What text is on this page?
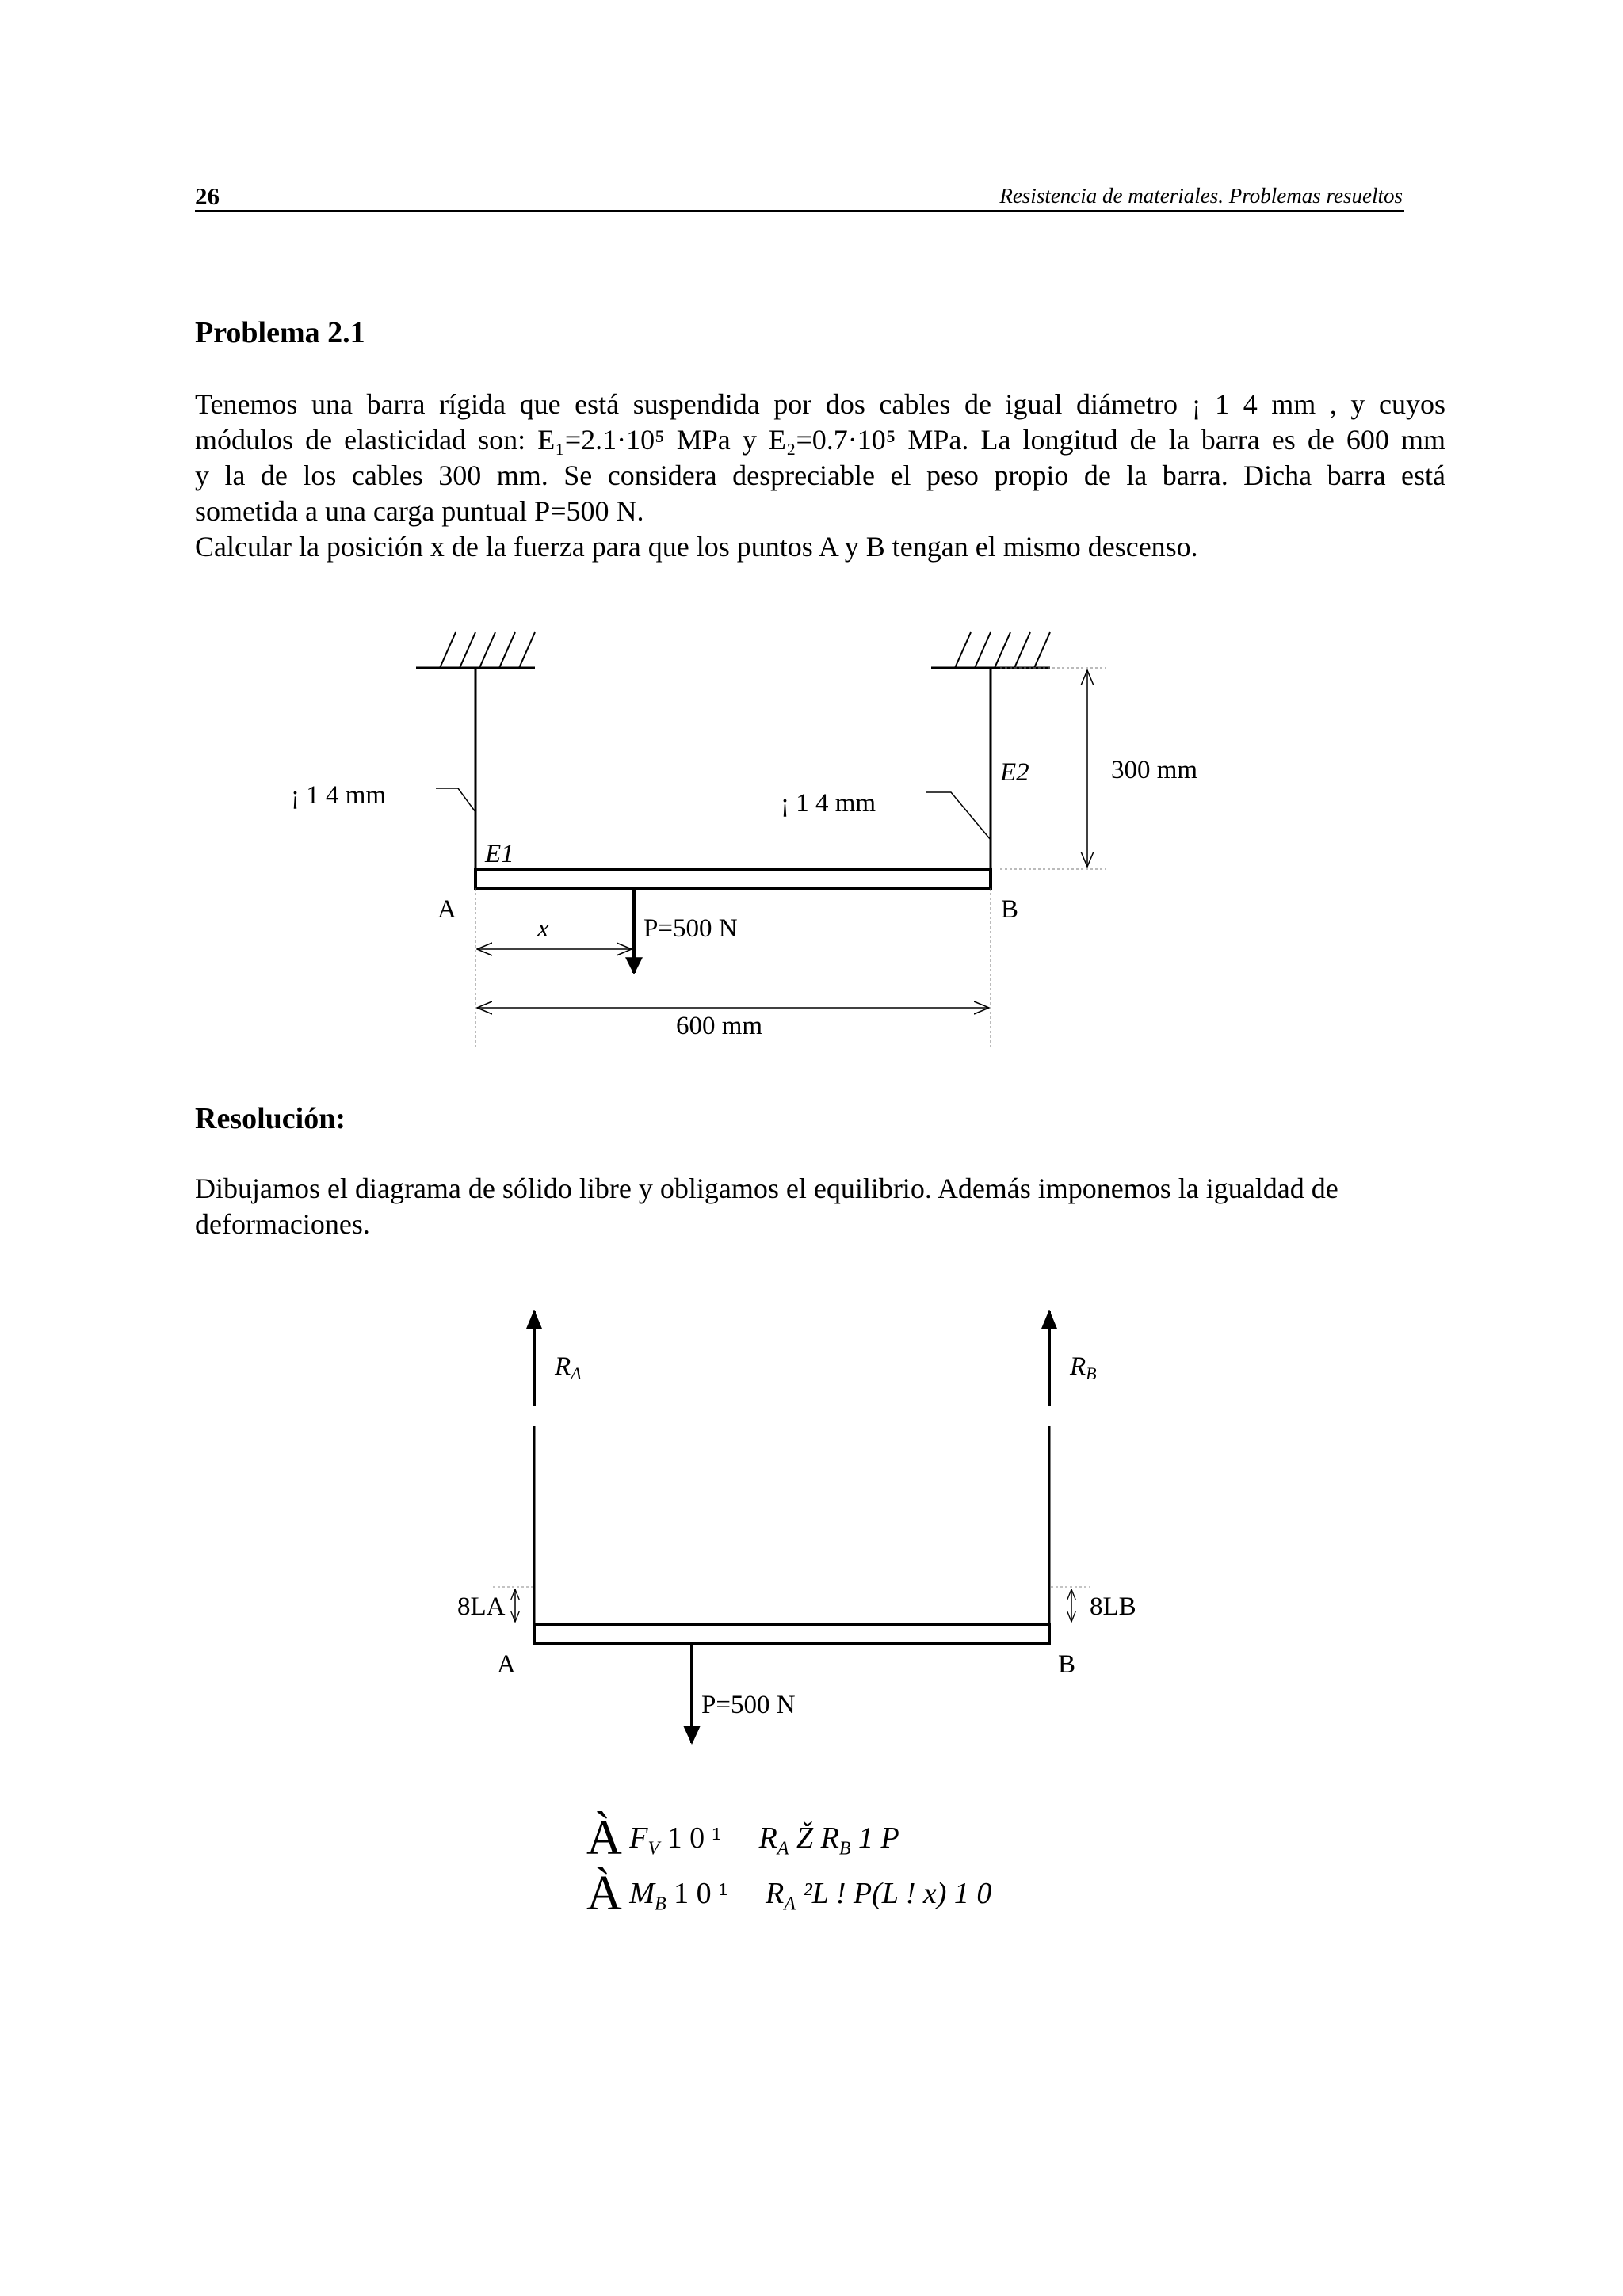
26	Resistencia de materiales. Problemas resueltos
Problema 2.1
Tenemos una barra rígida que está suspendida por dos cables de igual diámetro ¡ 1 4 mm , y cuyos
módulos de elasticidad son: E₁=2.1·10⁵ MPa y E₂=0.7·10⁵ MPa. La longitud de la barra es de 600 mm
y la de los cables 300 mm. Se considera despreciable el peso propio de la barra. Dicha barra está
sometida a una carga puntual P=500 N.
Calcular la posición x de la fuerza para que los puntos A y B tengan el mismo descenso.
¡ 1 4 mm	¡ 1 4 mm
E1
E2	300 mm
A	B
x	P=500 N
600 mm
Resolución:
Dibujamos el diagrama de sólido libre y obligamos el equilibrio. Además imponemos la igualdad de
deformaciones.
RA	RB
8LA	8LB
A	B
P=500 N
À $F_V$ 1 0 ¹ $R_A$ Ž $R_B$ 1 P
À $M_B$ 1 0 ¹ $R_A$ ²L ! P(L ! x) 1 0
